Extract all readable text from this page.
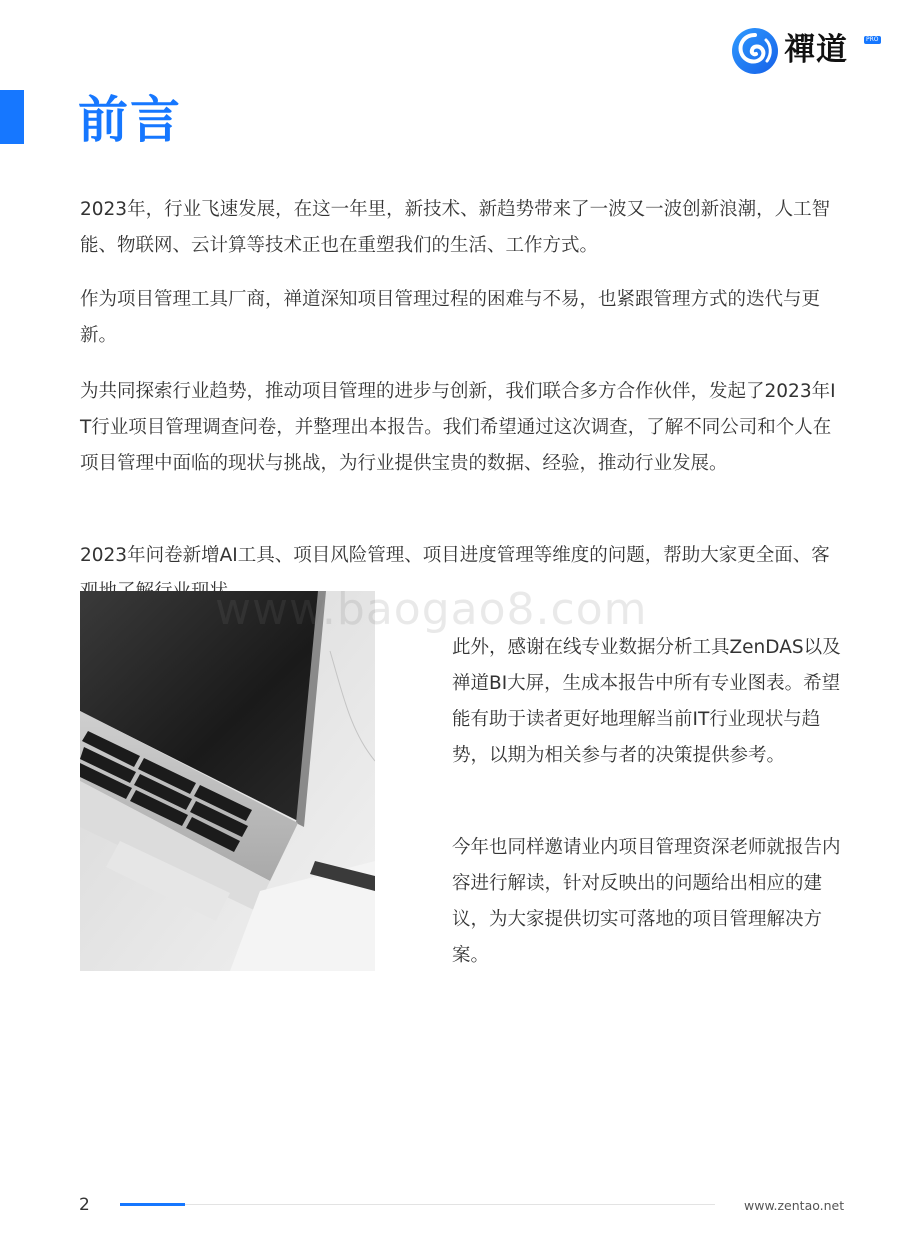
前言
禪道	PRO

2023年，行业飞速发展，在这一年里，新技术、新趋势带来了一波又一波创新浪潮，人工智能、物联网、云计算等技术正也在重塑我们的生活、工作方式。

作为项目管理工具厂商，禅道深知项目管理过程的困难与不易，也紧跟管理方式的迭代与更新。

为共同探索行业趋势，推动项目管理的进步与创新，我们联合多方合作伙伴，发起了2023年IT行业项目管理调查问卷，并整理出本报告。我们希望通过这次调查，了解不同公司和个人在项目管理中面临的现状与挑战，为行业提供宝贵的数据、经验，推动行业发展。

2023年问卷新增AI工具、项目风险管理、项目进度管理等维度的问题，帮助大家更全面、客

www.baogao8.com

此外，感谢在线专业数据分析工具ZenDAS以及禅道BI大屏，生成本报告中所有专业图表。希望能有助于读者更好地理解当前IT行业现状与趋势，以期为相关参与者的决策提供参考。

今年也同样邀请业内项目管理资深老师就报告内容进行解读，针对反映出的问题给出相应的建议，为大家提供切实可落地的项目管理解决方案。

2	www.zentao.net
